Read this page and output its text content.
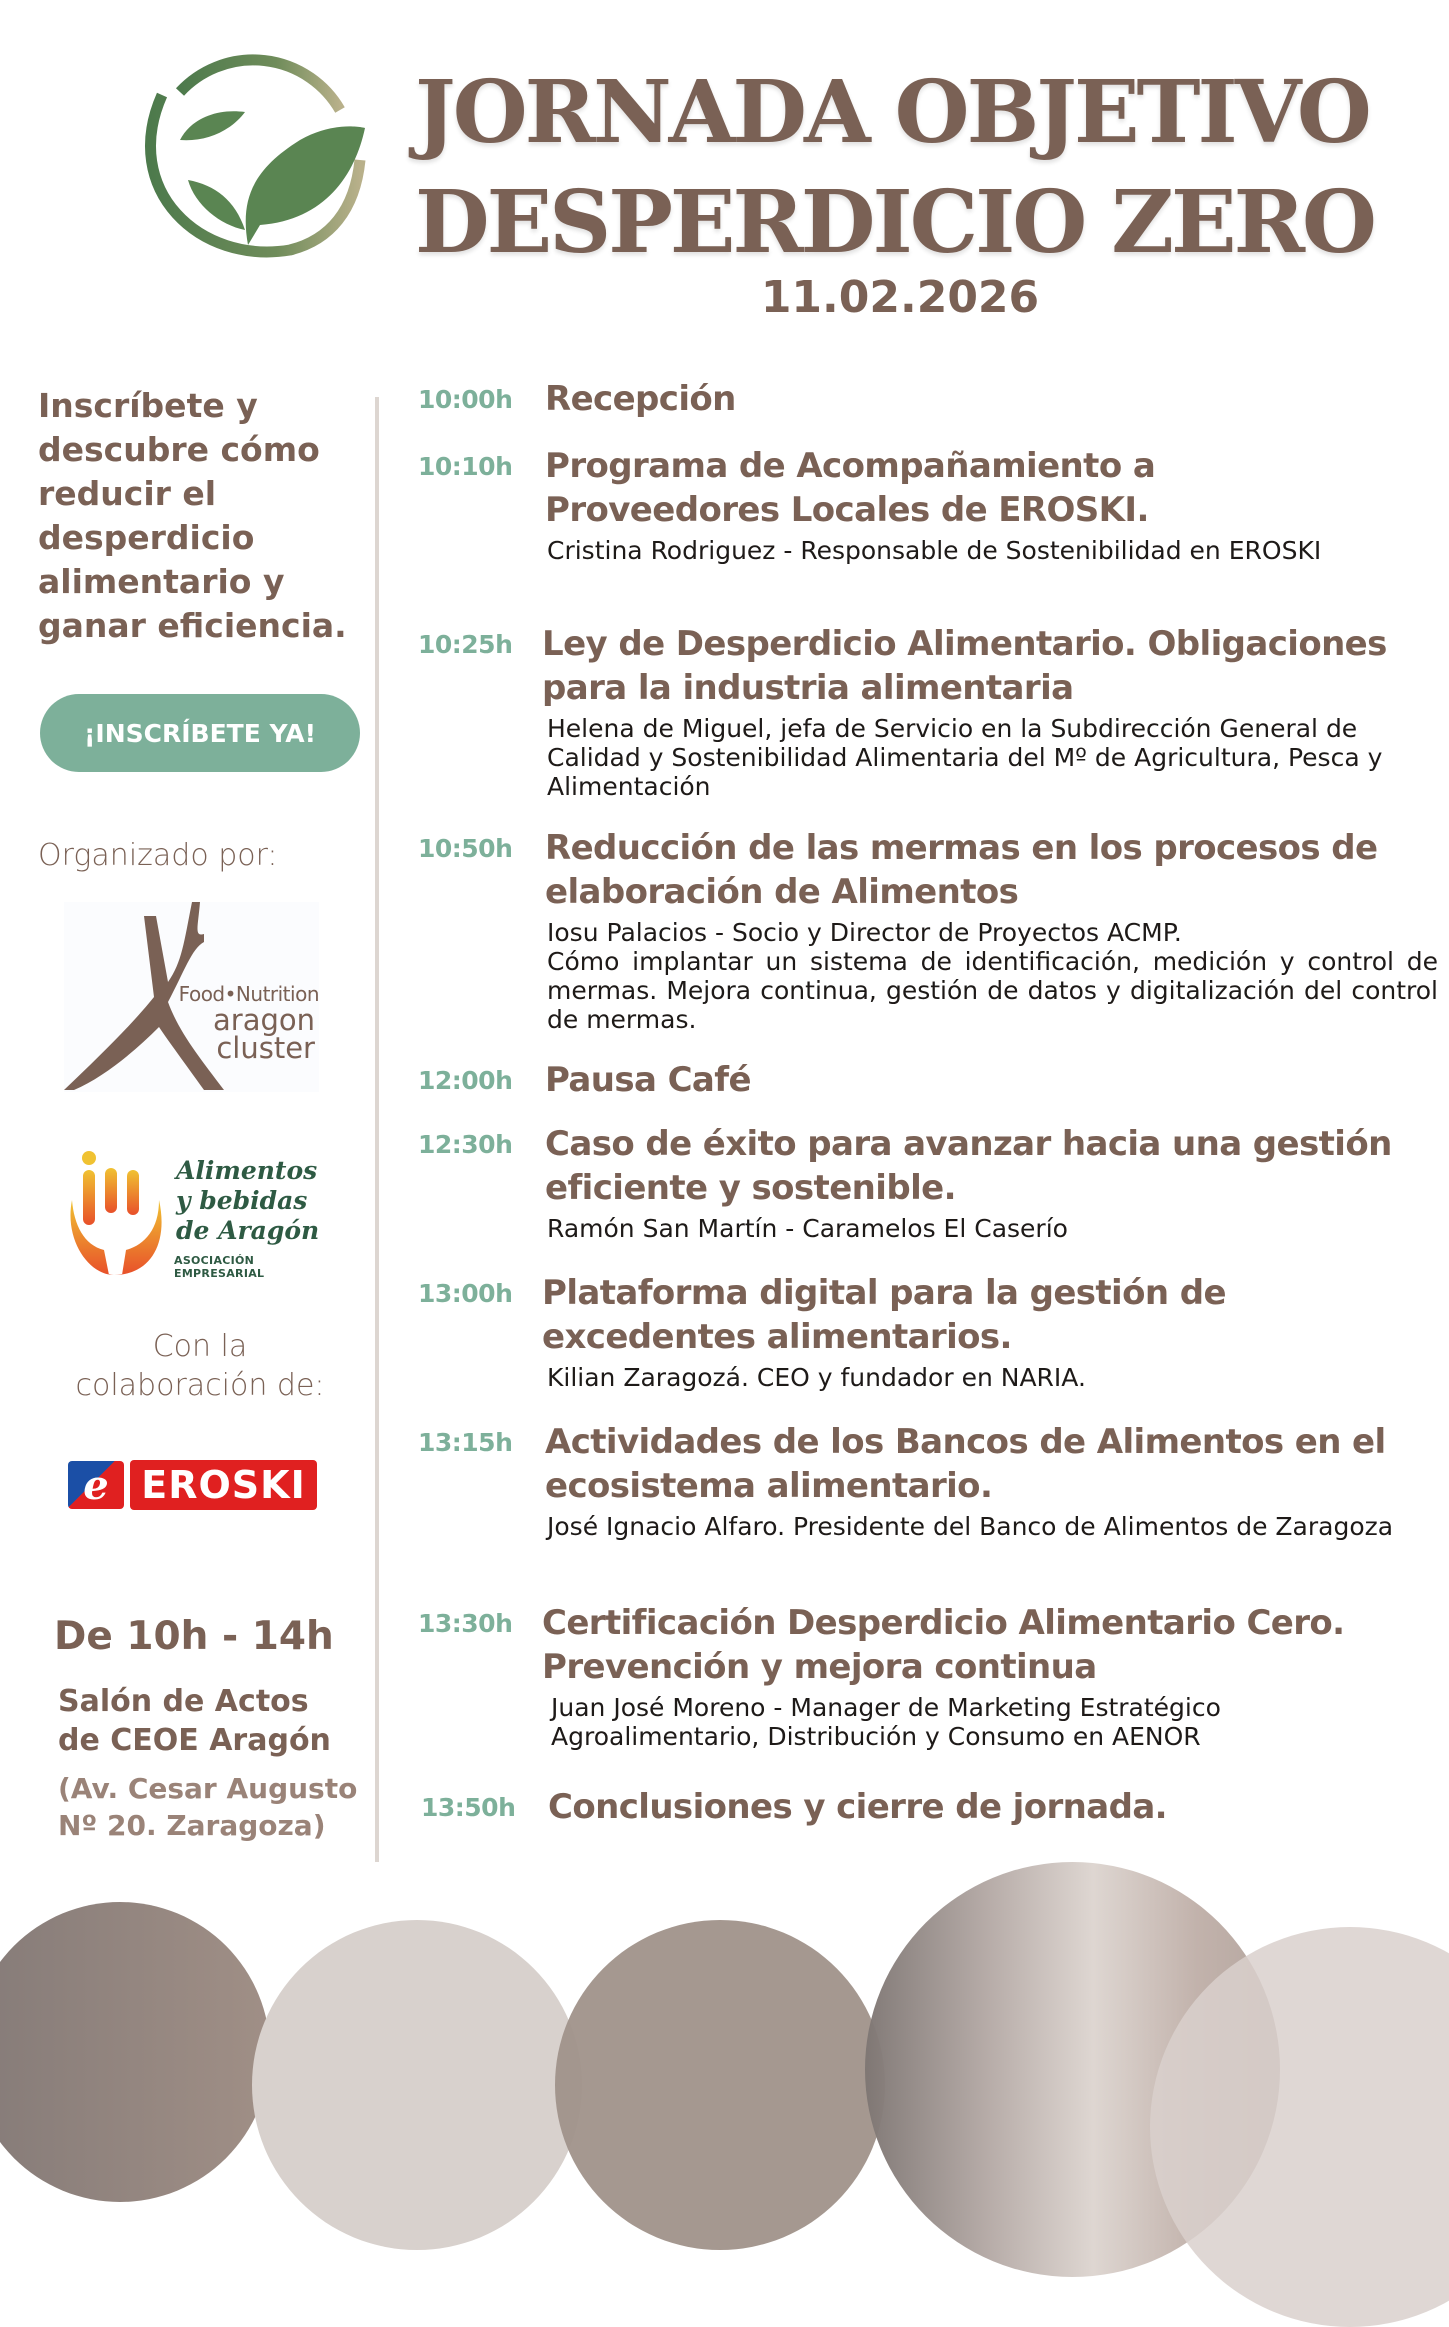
JORNADA OBJETIVO
DESPERDICIO ZERO
11.02.2026
Inscríbete y descubre cómo reducir el desperdicio alimentario y ganar eficiencia.
¡INSCRÍBETE YA!
Organizado por:
Food•Nutrition
aragon
cluster
Alimentos
y bebidas
de Aragón
ASOCIACIÓN EMPRESARIAL
Con la
colaboración de:
e EROSKI
De 10h - 14h
Salón de Actos
de CEOE Aragón
(Av. Cesar Augusto
Nº 20. Zaragoza)
10:00h Recepción
10:10h Programa de Acompañamiento a Proveedores Locales de EROSKI.
Cristina Rodriguez - Responsable de Sostenibilidad en EROSKI
10:25h Ley de Desperdicio Alimentario. Obligaciones para la industria alimentaria
Helena de Miguel, jefa de Servicio en la Subdirección General de Calidad y Sostenibilidad Alimentaria del Mº de Agricultura, Pesca y Alimentación
10:50h Reducción de las mermas en los procesos de elaboración de Alimentos
Iosu Palacios - Socio y Director de Proyectos ACMP.
Cómo implantar un sistema de identificación, medición y control de mermas. Mejora continua, gestión de datos y digitalización del control de mermas.
12:00h Pausa Café
12:30h Caso de éxito para avanzar hacia una gestión eficiente y sostenible.
Ramón San Martín - Caramelos El Caserío
13:00h Plataforma digital para la gestión de excedentes alimentarios.
Kilian Zaragozá. CEO y fundador en NARIA.
13:15h Actividades de los Bancos de Alimentos en el ecosistema alimentario.
José Ignacio Alfaro. Presidente del Banco de Alimentos de Zaragoza
13:30h Certificación Desperdicio Alimentario Cero. Prevención y mejora continua
Juan José Moreno - Manager de Marketing Estratégico Agroalimentario, Distribución y Consumo en AENOR
13:50h Conclusiones y cierre de jornada.
